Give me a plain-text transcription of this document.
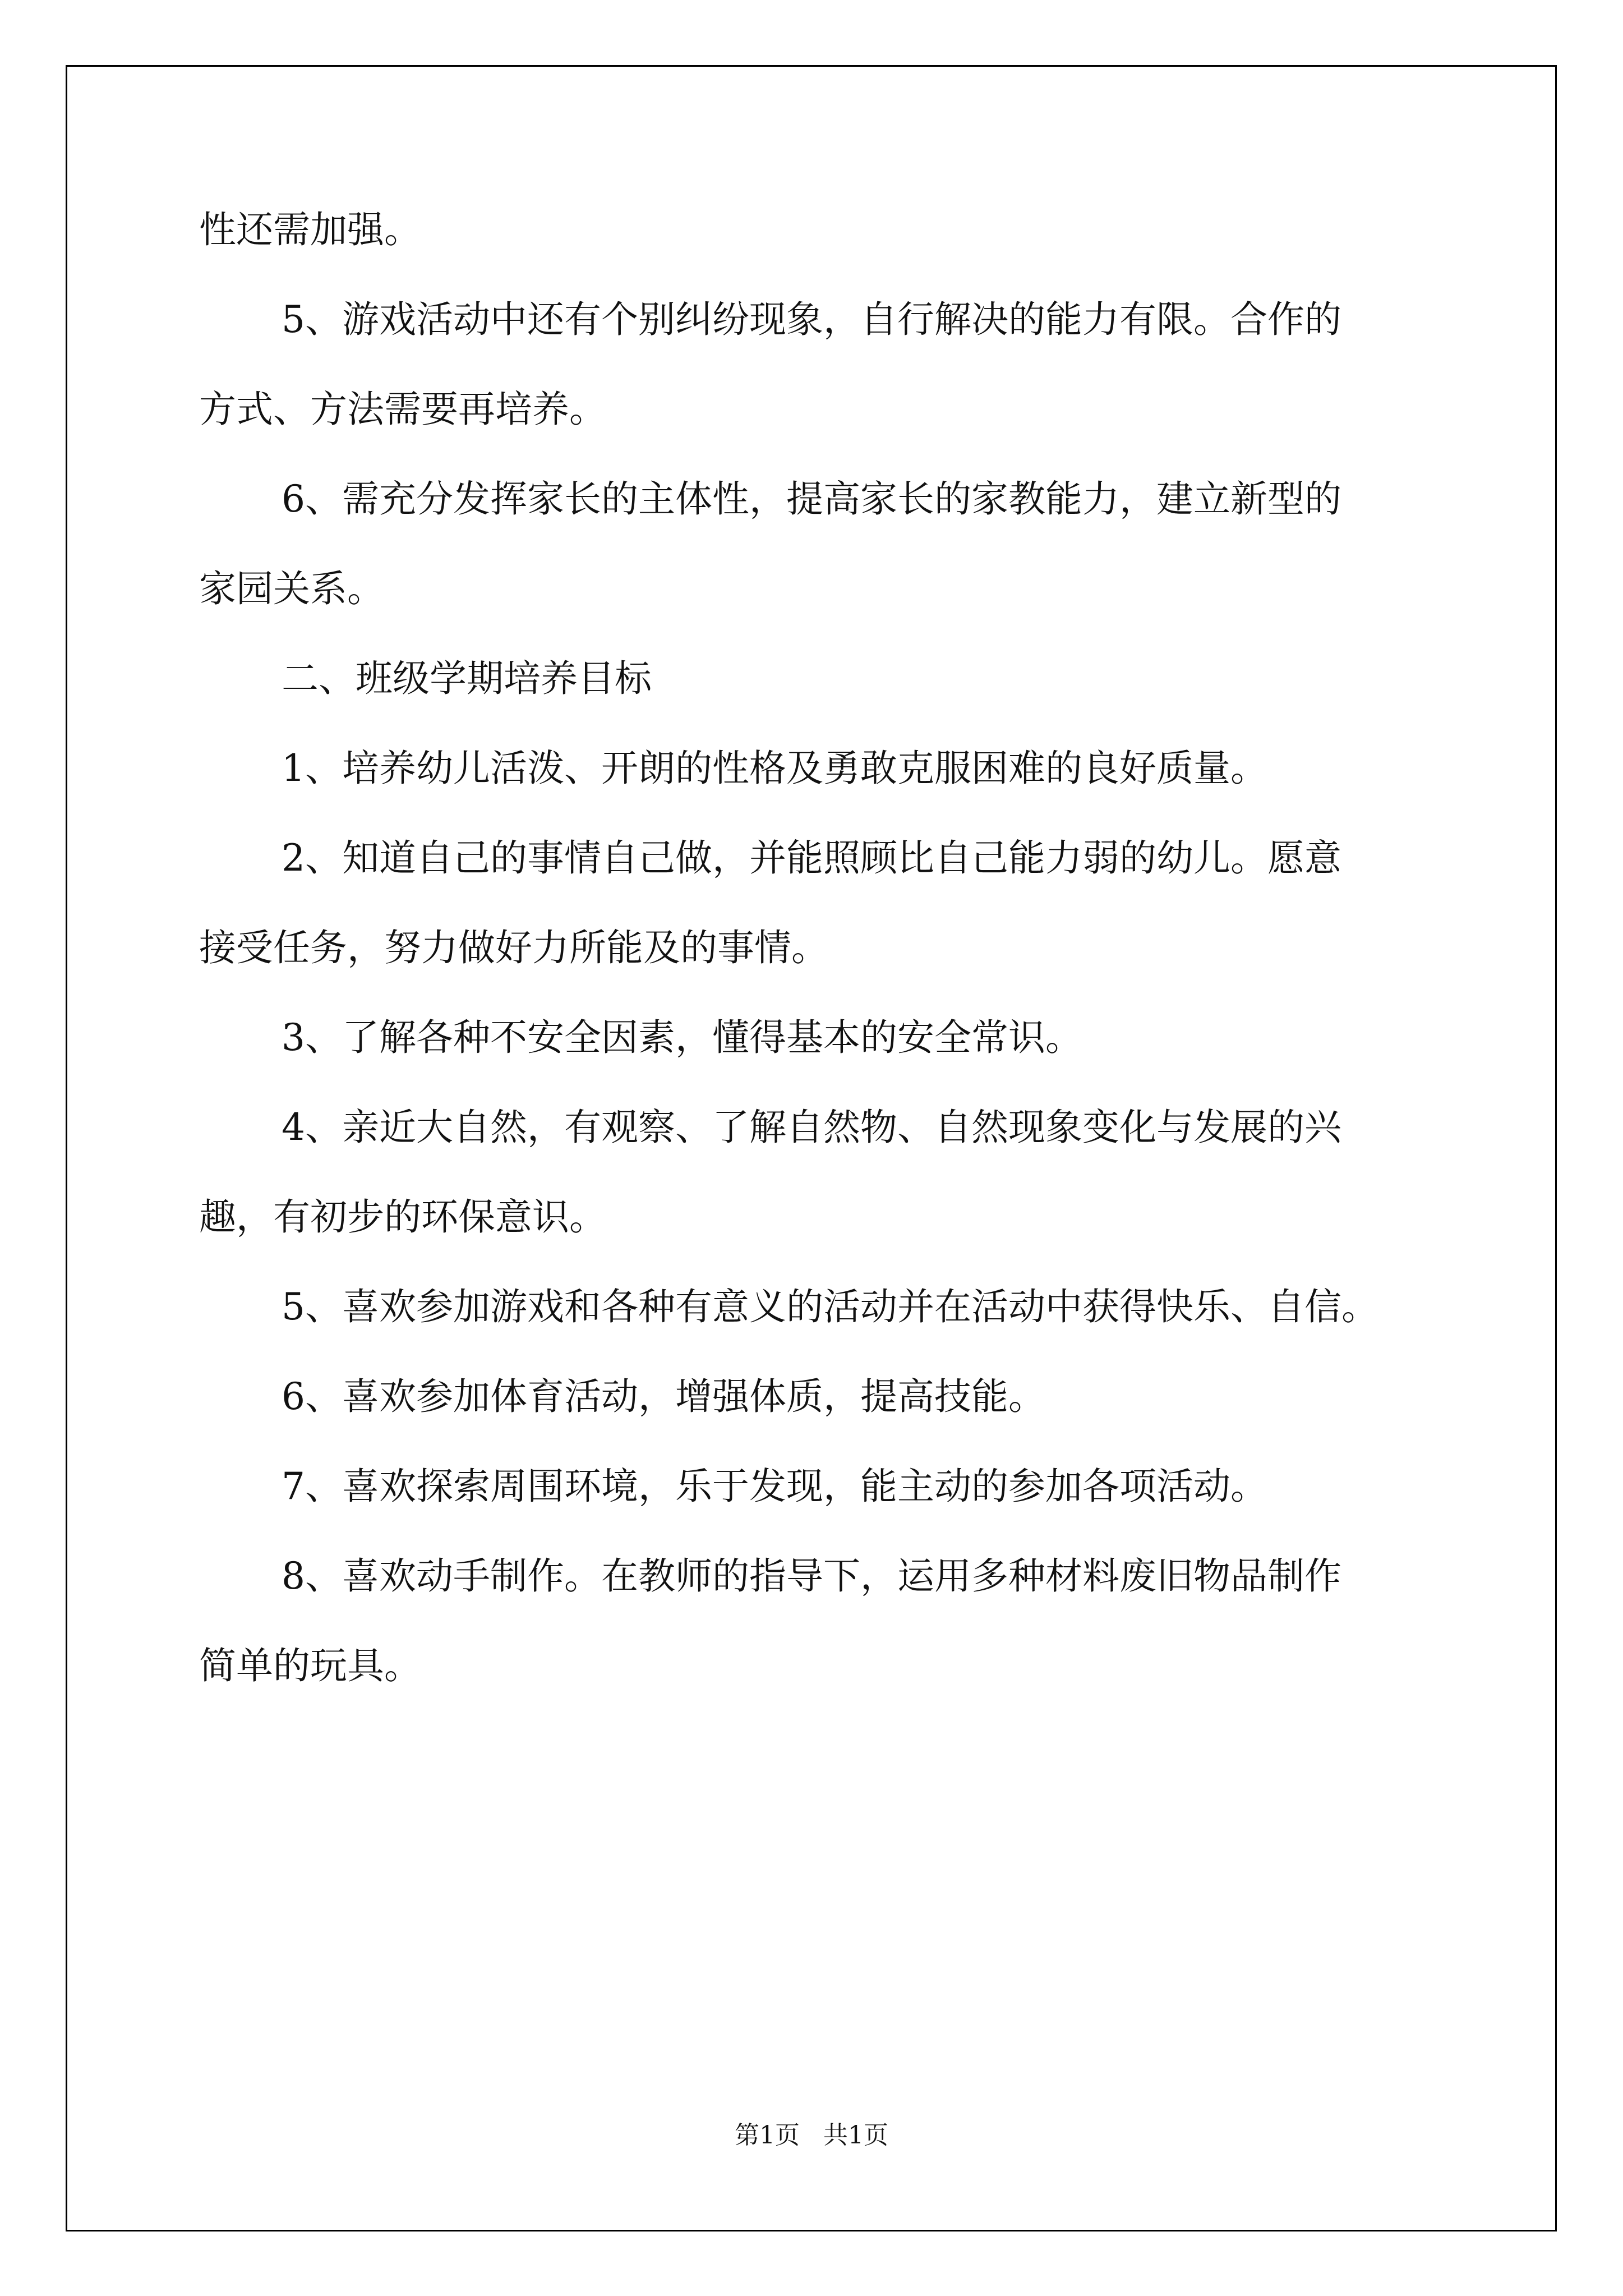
性还需加强。
5、游戏活动中还有个别纠纷现象，自行解决的能力有限。合作的
方式、方法需要再培养。
6、需充分发挥家长的主体性，提高家长的家教能力，建立新型的
家园关系。
二、班级学期培养目标
1、培养幼儿活泼、开朗的性格及勇敢克服困难的良好质量。
2、知道自己的事情自己做，并能照顾比自己能力弱的幼儿。愿意
接受任务，努力做好力所能及的事情。
3、了解各种不安全因素，懂得基本的安全常识。
4、亲近大自然，有观察、了解自然物、自然现象变化与发展的兴
趣，有初步的环保意识。
5、喜欢参加游戏和各种有意义的活动并在活动中获得快乐、自信。
6、喜欢参加体育活动，增强体质，提高技能。
7、喜欢探索周围环境，乐于发现，能主动的参加各项活动。
8、喜欢动手制作。在教师的指导下，运用多种材料废旧物品制作
简单的玩具。
第1页 共1页
